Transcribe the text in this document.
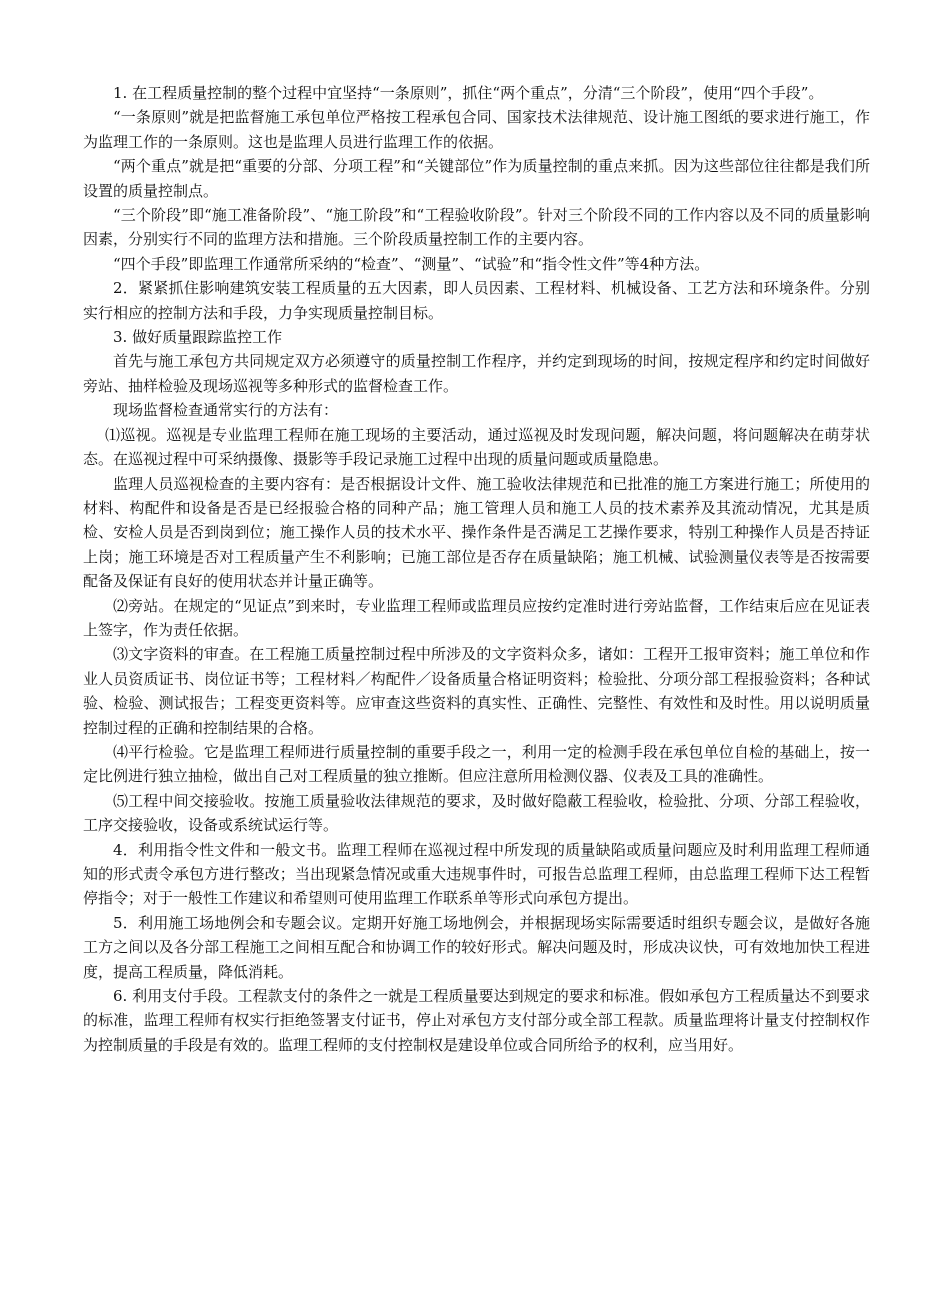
1. 在工程质量控制的整个过程中宜坚持“一条原则”，抓住“两个重点”，分清“三个阶段”，使用“四个手段”。

“一条原则”就是把监督施工承包单位严格按工程承包合同、国家技术法律规范、设计施工图纸的要求进行施工，作为监理工作的一条原则。这也是监理人员进行监理工作的依据。

“两个重点”就是把“重要的分部、分项工程”和“关键部位”作为质量控制的重点来抓。因为这些部位往往都是我们所设置的质量控制点。

“三个阶段”即“施工准备阶段”、“施工阶段”和“工程验收阶段”。针对三个阶段不同的工作内容以及不同的质量影响因素，分别实行不同的监理方法和措施。三个阶段质量控制工作的主要内容。

“四个手段”即监理工作通常所采纳的“检查”、“测量”、“试验”和“指令性文件”等4种方法。

2．紧紧抓住影响建筑安装工程质量的五大因素，即人员因素、工程材料、机械设备、工艺方法和环境条件。分别实行相应的控制方法和手段，力争实现质量控制目标。

3. 做好质量跟踪监控工作

首先与施工承包方共同规定双方必须遵守的质量控制工作程序，并约定到现场的时间，按规定程序和约定时间做好旁站、抽样检验及现场巡视等多种形式的监督检查工作。

现场监督检查通常实行的方法有：

⑴巡视。巡视是专业监理工程师在施工现场的主要活动，通过巡视及时发现问题，解决问题，将问题解决在萌芽状态。在巡视过程中可采纳摄像、摄影等手段记录施工过程中出现的质量问题或质量隐患。

监理人员巡视检查的主要内容有：是否根据设计文件、施工验收法律规范和已批准的施工方案进行施工；所使用的材料、构配件和设备是否是已经报验合格的同种产品；施工管理人员和施工人员的技术素养及其流动情况，尤其是质检、安检人员是否到岗到位；施工操作人员的技术水平、操作条件是否满足工艺操作要求，特别工种操作人员是否持证上岗；施工环境是否对工程质量产生不利影响；已施工部位是否存在质量缺陷；施工机械、试验测量仪表等是否按需要配备及保证有良好的使用状态并计量正确等。

⑵旁站。在规定的“见证点”到来时，专业监理工程师或监理员应按约定准时进行旁站监督，工作结束后应在见证表上签字，作为责任依据。

⑶文字资料的审查。在工程施工质量控制过程中所涉及的文字资料众多，诸如：工程开工报审资料；施工单位和作业人员资质证书、岗位证书等；工程材料／构配件／设备质量合格证明资料；检验批、分项分部工程报验资料；各种试验、检验、测试报告；工程变更资料等。应审查这些资料的真实性、正确性、完整性、有效性和及时性。用以说明质量控制过程的正确和控制结果的合格。

⑷平行检验。它是监理工程师进行质量控制的重要手段之一，利用一定的检测手段在承包单位自检的基础上，按一定比例进行独立抽检，做出自己对工程质量的独立推断。但应注意所用检测仪器、仪表及工具的准确性。

⑸工程中间交接验收。按施工质量验收法律规范的要求，及时做好隐蔽工程验收，检验批、分项、分部工程验收，工序交接验收，设备或系统试运行等。

4．利用指令性文件和一般文书。监理工程师在巡视过程中所发现的质量缺陷或质量问题应及时利用监理工程师通知的形式责令承包方进行整改；当出现紧急情况或重大违规事件时，可报告总监理工程师，由总监理工程师下达工程暂停指令；对于一般性工作建议和希望则可使用监理工作联系单等形式向承包方提出。

5．利用施工场地例会和专题会议。定期开好施工场地例会，并根据现场实际需要适时组织专题会议，是做好各施工方之间以及各分部工程施工之间相互配合和协调工作的较好形式。解决问题及时，形成决议快，可有效地加快工程进度，提高工程质量，降低消耗。

6. 利用支付手段。工程款支付的条件之一就是工程质量要达到规定的要求和标准。假如承包方工程质量达不到要求的标准，监理工程师有权实行拒绝签署支付证书，停止对承包方支付部分或全部工程款。质量监理将计量支付控制权作为控制质量的手段是有效的。监理工程师的支付控制权是建设单位或合同所给予的权利，应当用好。
